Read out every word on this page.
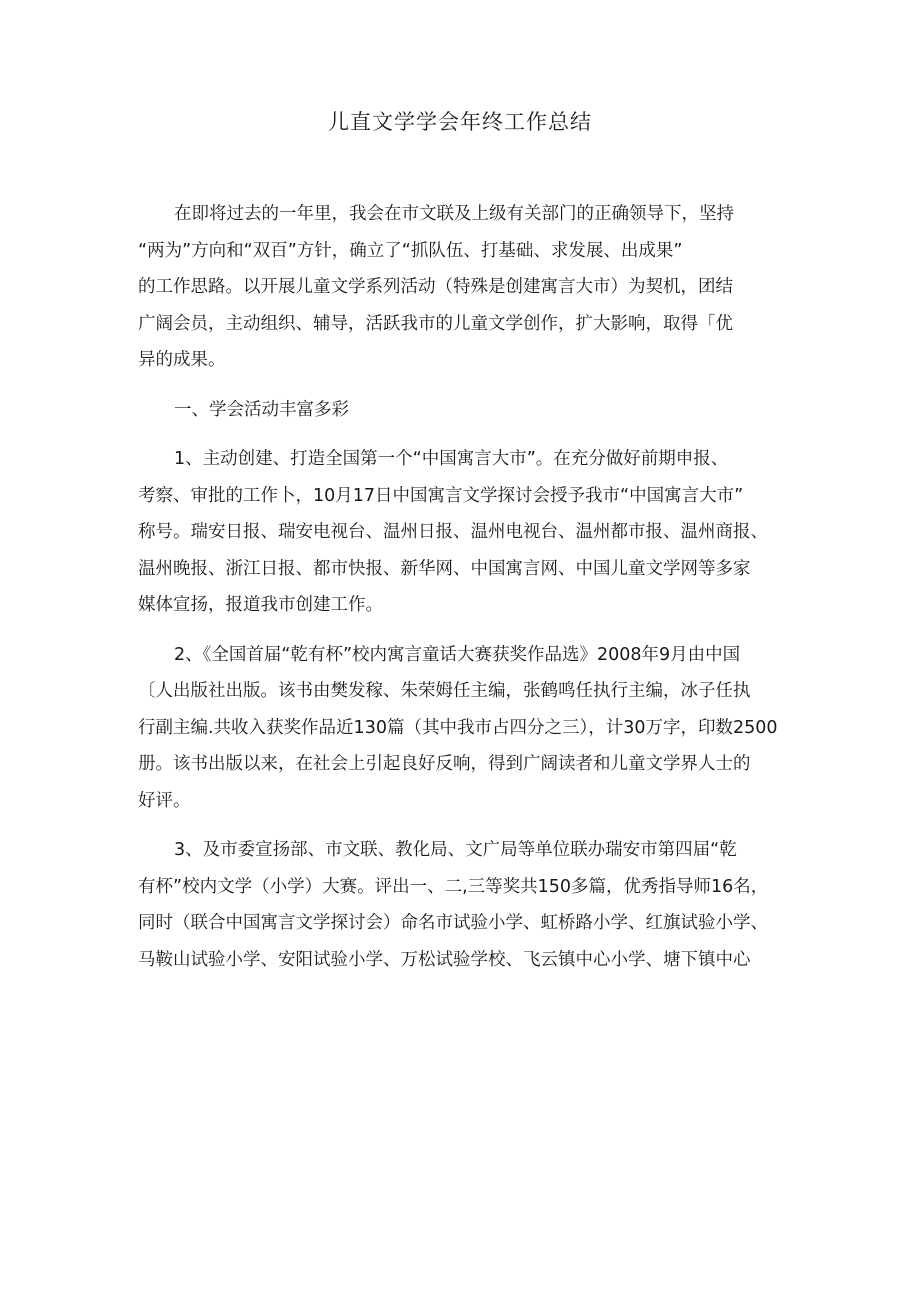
儿直文学学会年终工作总结
在即将过去的一年里，我会在市文联及上级有关部门的正确领导下，坚持
“两为”方向和“双百”方针，确立了“抓队伍、打基础、求发展、出成果”
的工作思路。以开展儿童文学系列活动（特殊是创建寓言大市）为契机，团结
广阔会员，主动组织、辅导，活跃我市的儿童文学创作，扩大影响，取得「优
异的成果。
一、学会活动丰富多彩
1、主动创建、打造全国第一个“中国寓言大市”。在充分做好前期申报、
考察、审批的工作卜，10月17日中国寓言文学探讨会授予我市“中国寓言大市”
称号。瑞安日报、瑞安电视台、温州日报、温州电视台、温州都市报、温州商报、
温州晚报、浙江日报、都市快报、新华网、中国寓言网、中国儿童文学网等多家
媒体宣扬，报道我市创建工作。
2、《全国首届“乾有杯”校内寓言童话大赛获奖作品选》2008年9月由中国
〔人出版社出版。该书由樊发稼、朱荣姆任主编，张鹤鸣任执行主编，冰子任执
行副主编.共收入获奖作品近130篇（其中我市占四分之三），计30万字，印数2500
册。该书出版以来，在社会上引起良好反响，得到广阔读者和儿童文学界人士的
好评。
3、及市委宣扬部、市文联、教化局、文广局等单位联办瑞安市第四届“乾
有杯”校内文学（小学）大赛。评出一、二,三等奖共150多篇，优秀指导师16名，
同时（联合中国寓言文学探讨会）命名市试验小学、虹桥路小学、红旗试验小学、
马鞍山试验小学、安阳试验小学、万松试验学校、飞云镇中心小学、塘下镇中心
